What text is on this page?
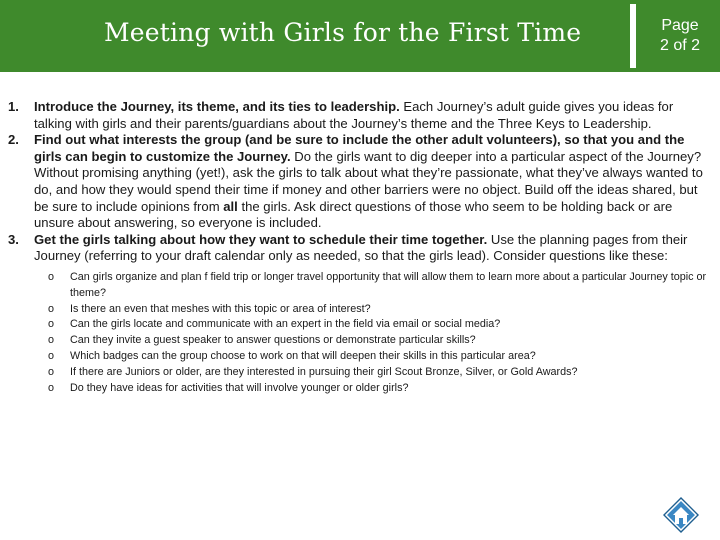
Meeting with Girls for the First Time	Page
2 of 2
1. Introduce the Journey, its theme, and its ties to leadership. Each Journey’s adult guide gives you ideas for talking with girls and their parents/guardians about the Journey’s theme and the Three Keys to Leadership.
2. Find out what interests the group (and be sure to include the other adult volunteers), so that you and the girls can begin to customize the Journey. Do the girls want to dig deeper into a particular aspect of the Journey? Without promising anything (yet!), ask the girls to talk about what they’re passionate, what they’ve always wanted to do, and how they would spend their time if money and other barriers were no object. Build off the ideas shared, but be sure to include opinions from all the girls. Ask direct questions of those who seem to be holding back or are unsure about answering, so everyone is included.
3. Get the girls talking about how they want to schedule their time together. Use the planning pages from their Journey (referring to your draft calendar only as needed, so that the girls lead). Consider questions like these:
o Can girls organize and plan f field trip or longer travel opportunity that will allow them to learn more about a particular Journey topic or theme?
o Is there an even that meshes with this topic or area of interest?
o Can the girls locate and communicate with an expert in the field via email or social media?
o Can they invite a guest speaker to answer questions or demonstrate particular skills?
o Which badges can the group choose to work on that will deepen their skills in this particular area?
o If there are Juniors or older, are they interested in pursuing their girl Scout Bronze, Silver, or Gold Awards?
o Do they have ideas for activities that will involve younger or older girls?
